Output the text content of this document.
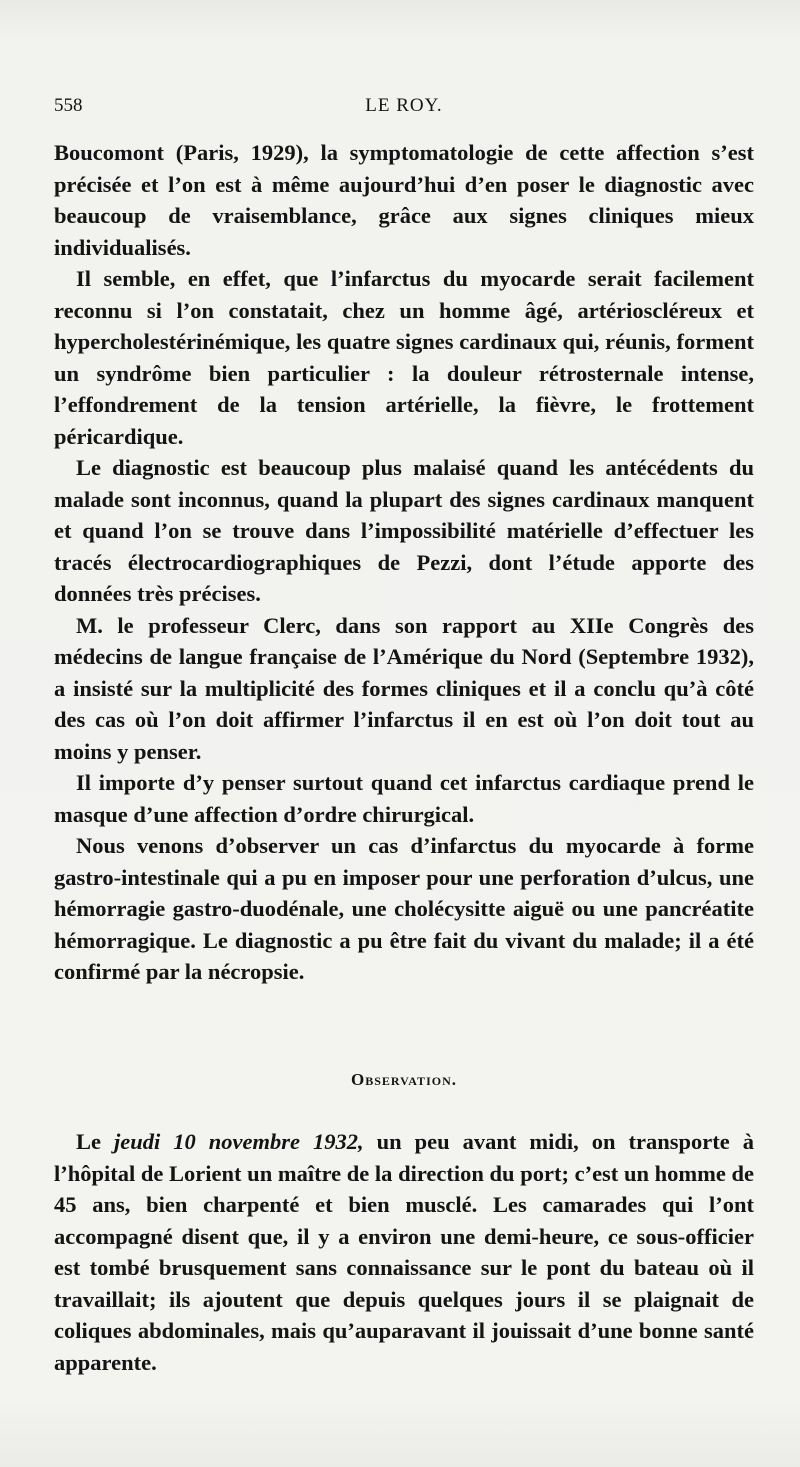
558	LE ROY.

Boucomont (Paris, 1929), la symptomatologie de cette affection s’est précisée et l’on est à même aujourd’hui d’en poser le diagnostic avec beaucoup de vraisemblance, grâce aux signes cliniques mieux individualisés.

Il semble, en effet, que l’infarctus du myocarde serait facilement reconnu si l’on constatait, chez un homme âgé, artérioscléreux et hypercholestérinémique, les quatre signes cardinaux qui, réunis, forment un syndrôme bien particulier : la douleur rétrosternale intense, l’effondrement de la tension artérielle, la fièvre, le frottement péricardique.

Le diagnostic est beaucoup plus malaisé quand les antécédents du malade sont inconnus, quand la plupart des signes cardinaux manquent et quand l’on se trouve dans l’impossibilité matérielle d’effectuer les tracés électrocardiographiques de Pezzi, dont l’étude apporte des données très précises.

M. le professeur Clerc, dans son rapport au XIIe Congrès des médecins de langue française de l’Amérique du Nord (Septembre 1932), a insisté sur la multiplicité des formes cliniques et il a conclu qu’à côté des cas où l’on doit affirmer l’infarctus il en est où l’on doit tout au moins y penser.

Il importe d’y penser surtout quand cet infarctus cardiaque prend le masque d’une affection d’ordre chirurgical.

Nous venons d’observer un cas d’infarctus du myocarde à forme gastro-intestinale qui a pu en imposer pour une perforation d’ulcus, une hémorragie gastro-duodénale, une cholécysitte aiguë ou une pancréatite hémorragique. Le diagnostic a pu être fait du vivant du malade; il a été confirmé par la nécropsie.

Observation.

Le jeudi 10 novembre 1932, un peu avant midi, on transporte à l’hôpital de Lorient un maître de la direction du port; c’est un homme de 45 ans, bien charpenté et bien musclé. Les camarades qui l’ont accompagné disent que, il y a environ une demi-heure, ce sous-officier est tombé brusquement sans connaissance sur le pont du bateau où il travaillait; ils ajoutent que depuis quelques jours il se plaignait de coliques abdominales, mais qu’auparavant il jouissait d’une bonne santé apparente.
